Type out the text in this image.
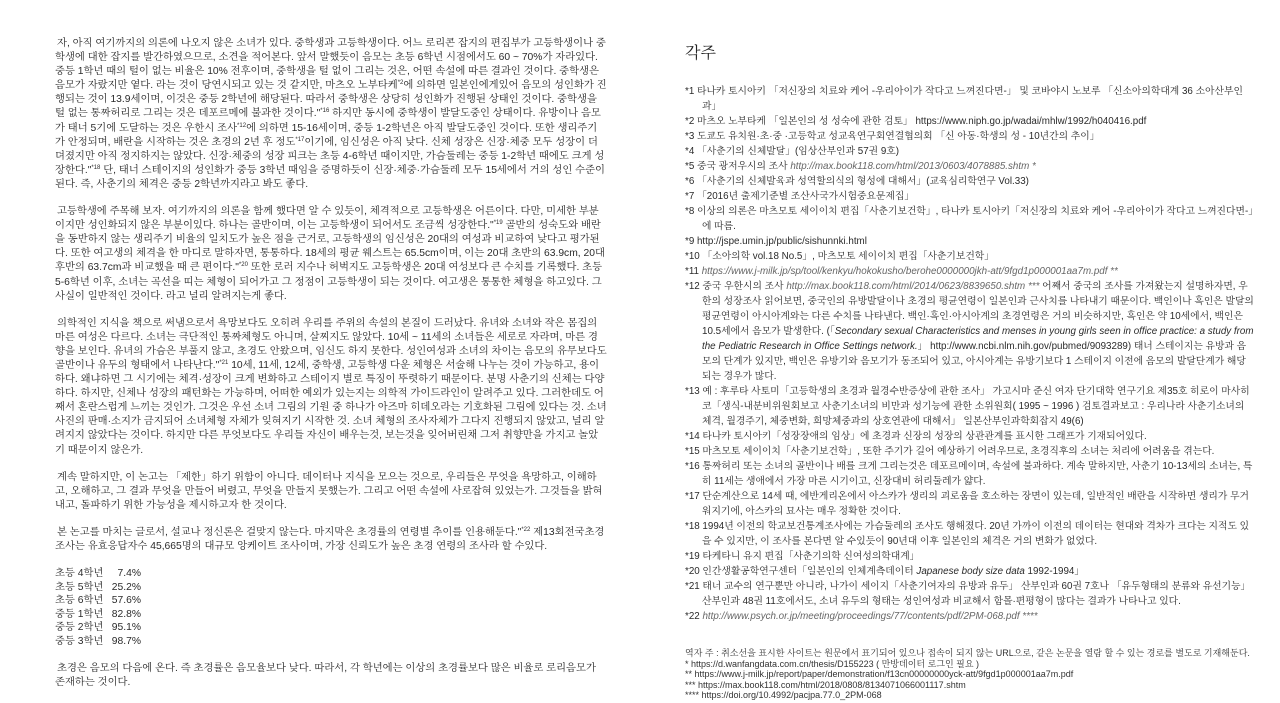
자, 아직 여기까지의 의론에 나오지 않은 소녀가 있다. 중학생과 고등학생이다. 어느 로리콘 잡지의 편집부가 고등학생이나 중학생에 대한 잡지를 발간하였으므로, 소견을 적어본다. 앞서 말했듯이 음모는 초등 6학년 시점에서도 60 ~ 70%가 자라있다. 중등 1학년 때의 털이 없는 비율은 10% 전후이며, 중학생을 털 없이 그리는 것은, 어떤 속설에 따른 결과인 것이다. 중학생은 음모가 자랐지만 옅다. 라는 것이 당연시되고 있는 것 같지만, 마츠오 노부타케$^{*2}$에 의하면 일본인에게있어 음모의 성인화가 진행되는 것이 13.9세이며, 이것은 중등 2학년에 해당된다. 따라서 중학생은 상당히 성인화가 진행된 상태인 것이다. 중학생을 털 없는 통짜허리로 그리는 것은 데포르메에 불과한 것이다."$^{*16}$ 하지만 동시에 중학생이 발달도중인 상태이다. 유방이나 음모가 태너 5기에 도달하는 것은 우한시 조사$^{*12}$에 의하면 15-16세이며, 중등 1-2학년은 아직 발달도중인 것이다. 또한 생리주기가 안정되며, 배란을 시작하는 것은 초경의 2년 후 정도$^{*17}$이기에, 임신성은 아직 낮다. 신체 성장은 신장·체중 모두 성장이 더뎌졌지만 아직 정지하지는 않았다. 신장·체중의 성장 피크는 초등 4-6학년 때이지만, 가슴둘레는 중등 1-2학년 때에도 크게 성장한다."$^{*18}$ 단, 태너 스테이지의 성인화가 중등 3학년 때임을 증명하듯이 신장·체중·가슴둘레 모두 15세에서 거의 성인 수준이 된다. 즉, 사춘기의 체격은 중등 2학년까지라고 봐도 좋다.

고등학생에 주목해 보자. 여기까지의 의론을 함께 했다면 알 수 있듯이, 체격적으로 고등학생은 어른이다. 다만, 미세한 부분이지만 성인화되지 않은 부분이있다. 하나는 골반이며, 이는 고등학생이 되어서도 조금씩 성장한다."$^{*19}$ 골반의 성숙도와 배란을 동반하지 않는 생리주기 비율의 일치도가 높은 점을 근거로, 고등학생의 임신성은 20대의 여성과 비교하여 낮다고 평가된다. 또한 여고생의 체격을 한 마디로 말하자면, 통통하다. 18세의 평균 웨스트는 65.5cm이며, 이는 20대 초반의 63.9cm, 20대 후반의 63.7cm과 비교했을 때 큰 편이다."$^{*20}$ 또한 로러 지수나 허벅지도 고등학생은 20대 여성보다 큰 수치를 기록했다. 초등 5-6학년 이후, 소녀는 곡선을 띠는 체형이 되어가고 그 정점이 고등학생이 되는 것이다. 여고생은 통통한 체형을 하고있다. 그 사실이 일반적인 것이다. 라고 널리 알려지는게 좋다.

의학적인 지식을 책으로 써냄으로서 욕망보다도 오히려 우리를 주위의 속설의 본질이 드러났다. 유녀와 소녀와 작은 몸집의 마른 여성은 다르다. 소녀는 극단적인 통짜체형도 아니며, 살찌지도 않았다. 10세 ~ 11세의 소녀들은 세로로 자라며, 마른 경향을 보인다. 유녀의 가슴은 부풀지 않고, 초경도 안왔으며, 임신도 하지 못한다. 성인여성과 소녀의 차이는 음모의 유무보다도 골반이나 유두의 형태에서 나타난다."$^{*21}$ 10세, 11세, 12세, 중학생, 고등학생 다운 체형은 서술해 나누는 것이 가능하고, 용이하다. 왜냐하면 그 시기에는 체격·성장이 크게 변화하고 스테이지 별로 특징이 뚜렷하기 때문이다. 분명 사춘기의 신체는 다양하다. 하지만, 신체나 성장의 패턴화는 가능하며, 어떠한 예외가 있는지는 의학적 가이드라인이 알려주고 있다. 그러한데도 어째서 혼란스럽게 느끼는 것인가. 그것은 우선 소녀 그림의 기원 중 하나가 아즈마 히데오라는 기호화된 그림에 있다는 것. 소녀사진의 판매·소지가 금지되어 소녀체형 자체가 잊혀지기 시작한 것. 소녀 체형의 조사자체가 그다지 진행되지 않았고, 널리 알려지지 않았다는 것이다. 하지만 다른 무엇보다도 우리들 자신이 배우는것, 보는것을 잊어버린채 그저 취향만을 가지고 놀았기 때문이지 않은가.

계속 말하지만, 이 논고는 「제한」하기 위함이 아니다. 데이터나 지식을 모으는 것으로, 우리들은 무엇을 욕망하고, 이해하고, 오해하고, 그 결과 무엇을 만들어 버렸고, 무엇을 만들지 못했는가. 그리고 어떤 속설에 사로잡혀 있었는가. 그것들을 밝혀내고, 돌파하기 위한 가능성을 제시하고자 한 것이다.

본 논고를 마치는 글로서, 설교나 정신론은 걸맞지 않는다. 마지막은 초경률의 연령별 추이를 인용해둔다."$^{*22}$ 제13회전국초경조사는 유효응답자수 45,665명의 대규모 앙케이트 조사이며, 가장 신뢰도가 높은 초경 연령의 조사라 할 수있다.

초등 4학년	7.4%
초등 5학년 25.2%
초등 6학년 57.6%
중등 1학년 82.8%
중등 2학년 95.1%
중등 3학년 98.7%

초경은 음모의 다음에 온다. 즉 초경률은 음모율보다 낮다. 따라서, 각 학년에는 이상의 초경률보다 많은 비율로 로리음모가 존재하는 것이다.

각주
*1 타나카 토시아키 「저신장의 치료와 케어 -우리아이가 작다고 느껴진다면-」 및 코바야시 노보루 「신소아의학대계 36 소아산부인과」
*2 마츠오 노부타케 「일본인의 성 성숙에 관한 검토」 https://www.niph.go.jp/wadai/mhlw/1992/h040416.pdf
*3 도쿄도 유치원·초·중 ·고등학교 성교육연구회연결협의회 「신 아동·학생의 성 - 10년간의 추이」
*4 「사춘기의 신체발달」(임상산부인과 57권 9호)
*5 중국 광저우시의 조사 http://max.book118.com/html/2013/0603/4078885.shtm *
*6 「사춘기의 신체발육과 성역할의식의 형성에 대해서」(교육심리학연구 Vol.33)
*7 「2016년 출제기준별 조산사국가시험중요문제집」
*8 이상의 의론은 마츠모토 세이이치 편집「사춘기보건학」, 타나카 토시아키「저신장의 치료와 케어 -우리아이가 작다고 느껴진다면-」에 따름.
*9 http://jspe.umin.jp/public/sishunnki.html
*10 「소아의학 vol.18 No.5」, 마츠모토 세이이치 편집「사춘기보건학」
*11 https://www.j-milk.jp/sp/tool/kenkyu/hokokusho/berohe0000000jkh-att/9fgd1p000001aa7m.pdf **
*12 중국 우한시의 조사 http://max.book118.com/html/2014/0623/8839650.shtm *** 어째서 중국의 조사를 가져왔는지 설명하자면, 우한의 성장조사 읽어보면, 중국인의 유방발달이나 초경의 평균연령이 일본인과 근사치를 나타내기 때문이다. 백인이나 흑인은 발달의 평균연령이 아시아계와는 다른 수치를 나타낸다. 백인·흑인·아시아계의 초경연령은 거의 비슷하지만, 흑인은 약 10세에서, 백인은 10.5세에서 음모가 발생한다. (「Secondary sexual Characteristics and menses in young girls seen in office practice: a study from the Pediatric Research in Office Settings network.」 http://www.ncbi.nlm.nih.gov/pubmed/9093289) 태너 스테이지는 유방과 음모의 단계가 있지만, 백인은 유방기와 음모기가 동조되어 있고, 아시아계는 유방기보다 1 스테이지 이전에 음모의 발달단계가 해당되는 경우가 많다.
*13 예 : 후루타 사토미「고등학생의 초경과 월경수반증상에 관한 조사」 가고시마 준신 여자 단기대학 연구기요 제35호 히로이 마사히코「생식-내분비위원회보고 사춘기소녀의 비만과 성기능에 관한 소위원회( 1995 ~ 1996 ) 검토결과보고 : 우리나라 사춘기소녀의 체격, 월경주기, 체중변화, 희망체중과의 상호연관에 대해서」 일본산부인과학회잡지 49(6)
*14 타나카 토시아키「성장장애의 임상」에 초경과 신장의 성장의 상관관계를 표시한 그래프가 기재되어있다.
*15 마츠모토 세이이치「사춘기보건학」, 또한 주기가 길어 예상하기 어려우므로, 초경직후의 소녀는 처리에 어려움을 겪는다.
*16 통짜허리 또는 소녀의 골반이나 배를 크게 그리는것은 데포르메이며, 속설에 불과하다. 계속 말하지만, 사춘기 10-13세의 소녀는, 특히 11세는 생애에서 가장 마른 시기이고, 신장대비 허리둘레가 얇다.
*17 단순계산으로 14세 때, 에반게리온에서 아스카가 생리의 괴로움을 호소하는 장면이 있는데, 일반적인 배란을 시작하면 생리가 무거워지기에, 아스카의 묘사는 매우 정확한 것이다.
*18 1994년 이전의 학교보건통계조사에는 가슴둘레의 조사도 행해졌다. 20년 가까이 이전의 데이터는 현대와 격차가 크다는 지적도 있을 수 있지만, 이 조사를 본다면 알 수있듯이 90년대 이후 일본인의 체격은 거의 변화가 없었다.
*19 타케타니 유지 편집「사춘기의학 신여성의학대계」
*20 인간생활공학연구센터「일본인의 인체계측데이터 Japanese body size data 1992-1994」
*21 태너 교수의 연구뿐만 아니라, 나가이 세이지「사춘기여자의 유방과 유두」 산부인과 60권 7호나 「유두형태의 분류와 유선기능」산부인과 48권 11호에서도, 소녀 유두의 형태는 성인여성과 비교해서 함몰·편평형이 많다는 결과가 나타나고 있다.
*22 http://www.psych.or.jp/meeting/proceedings/77/contents/pdf/2PM-068.pdf ****
역자 주 : 취소선을 표시한 사이트는 원문에서 표기되어 있으나 접속이 되지 않는 URL으로, 같은 논문을 열람 할 수 있는 경로를 별도로 기재해둔다.
* https://d.wanfangdata.com.cn/thesis/D155223 ( 만방데이터 로그인 필요 )
** https://www.j-milk.jp/report/paper/demonstration/f13cn00000000yck-att/9fgd1p000001aa7m.pdf
*** https://max.book118.com/html/2018/0808/8134071066001117.shtm
**** https://doi.org/10.4992/pacjpa.77.0_2PM-068
